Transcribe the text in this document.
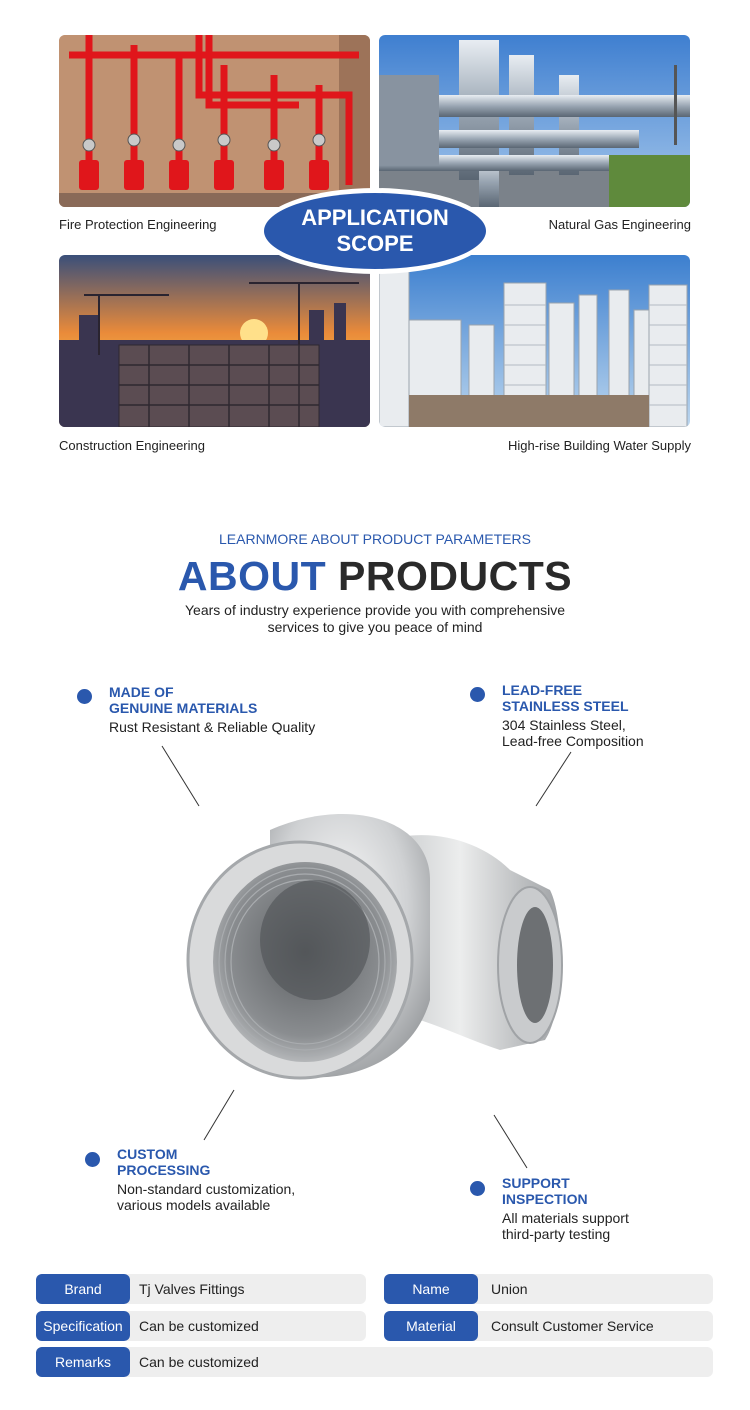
Fire Protection Engineering	Natural Gas Engineering
Construction Engineering	High-rise Building Water Supply
APPLICATION
SCOPE
LEARNMORE ABOUT PRODUCT PARAMETERS
ABOUT PRODUCTS
Years of industry experience provide you with comprehensive
services to give you peace of mind
MADE OF
GENUINE MATERIALS
Rust Resistant & Reliable Quality
LEAD-FREE
STAINLESS STEEL
304 Stainless Steel,
Lead-free Composition
CUSTOM
PROCESSING
Non-standard customization,
various models available
SUPPORT
INSPECTION
All materials support
third-party testing
Brand	Tj Valves Fittings	Name	Union
Specification	Can be customized	Material	Consult Customer Service
Remarks	Can be customized
